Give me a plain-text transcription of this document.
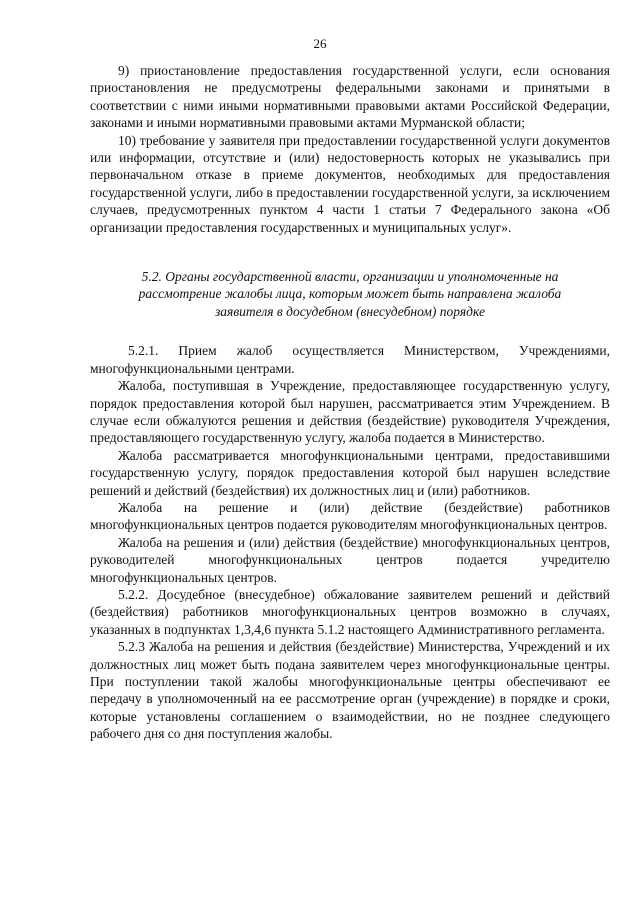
26

9) приостановление предоставления государственной услуги, если основания приостановления не предусмотрены федеральными законами и принятыми в соответствии с ними иными нормативными правовыми актами Российской Федерации, законами и иными нормативными правовыми актами Мурманской области;

10) требование у заявителя при предоставлении государственной услуги документов или информации, отсутствие и (или) недостоверность которых не указывались при первоначальном отказе в приеме документов, необходимых для предоставления государственной услуги, либо в предоставлении государственной услуги, за исключением случаев, предусмотренных пунктом 4 части 1 статьи 7 Федерального закона «Об организации предоставления государственных и муниципальных услуг».

5.2. Органы государственной власти, организации и уполномоченные на
рассмотрение жалобы лица, которым может быть направлена жалоба
заявителя в досудебном (внесудебном) порядке

5.2.1. Прием жалоб осуществляется Министерством, Учреждениями, многофункциональными центрами.

Жалоба, поступившая в Учреждение, предоставляющее государственную услугу, порядок предоставления которой был нарушен, рассматривается этим Учреждением. В случае если обжалуются решения и действия (бездействие) руководителя Учреждения, предоставляющего государственную услугу, жалоба подается в Министерство.

Жалоба рассматривается многофункциональными центрами, предоставившими государственную услугу, порядок предоставления которой был нарушен вследствие решений и действий (бездействия) их должностных лиц и (или) работников.

Жалоба на решение и (или) действие (бездействие) работников многофункциональных центров подается руководителям многофункциональных центров.

Жалоба на решения и (или) действия (бездействие) многофункциональных центров, руководителей многофункциональных центров подается учредителю многофункциональных центров.

5.2.2. Досудебное (внесудебное) обжалование заявителем решений и действий (бездействия) работников многофункциональных центров возможно в случаях, указанных в подпунктах 1,3,4,6 пункта 5.1.2 настоящего Административного регламента.

5.2.3 Жалоба на решения и действия (бездействие) Министерства, Учреждений и их должностных лиц может быть подана заявителем через многофункциональные центры. При поступлении такой жалобы многофункциональные центры обеспечивают ее передачу в уполномоченный на ее рассмотрение орган (учреждение) в порядке и сроки, которые установлены соглашением о взаимодействии, но не позднее следующего рабочего дня со дня поступления жалобы.
